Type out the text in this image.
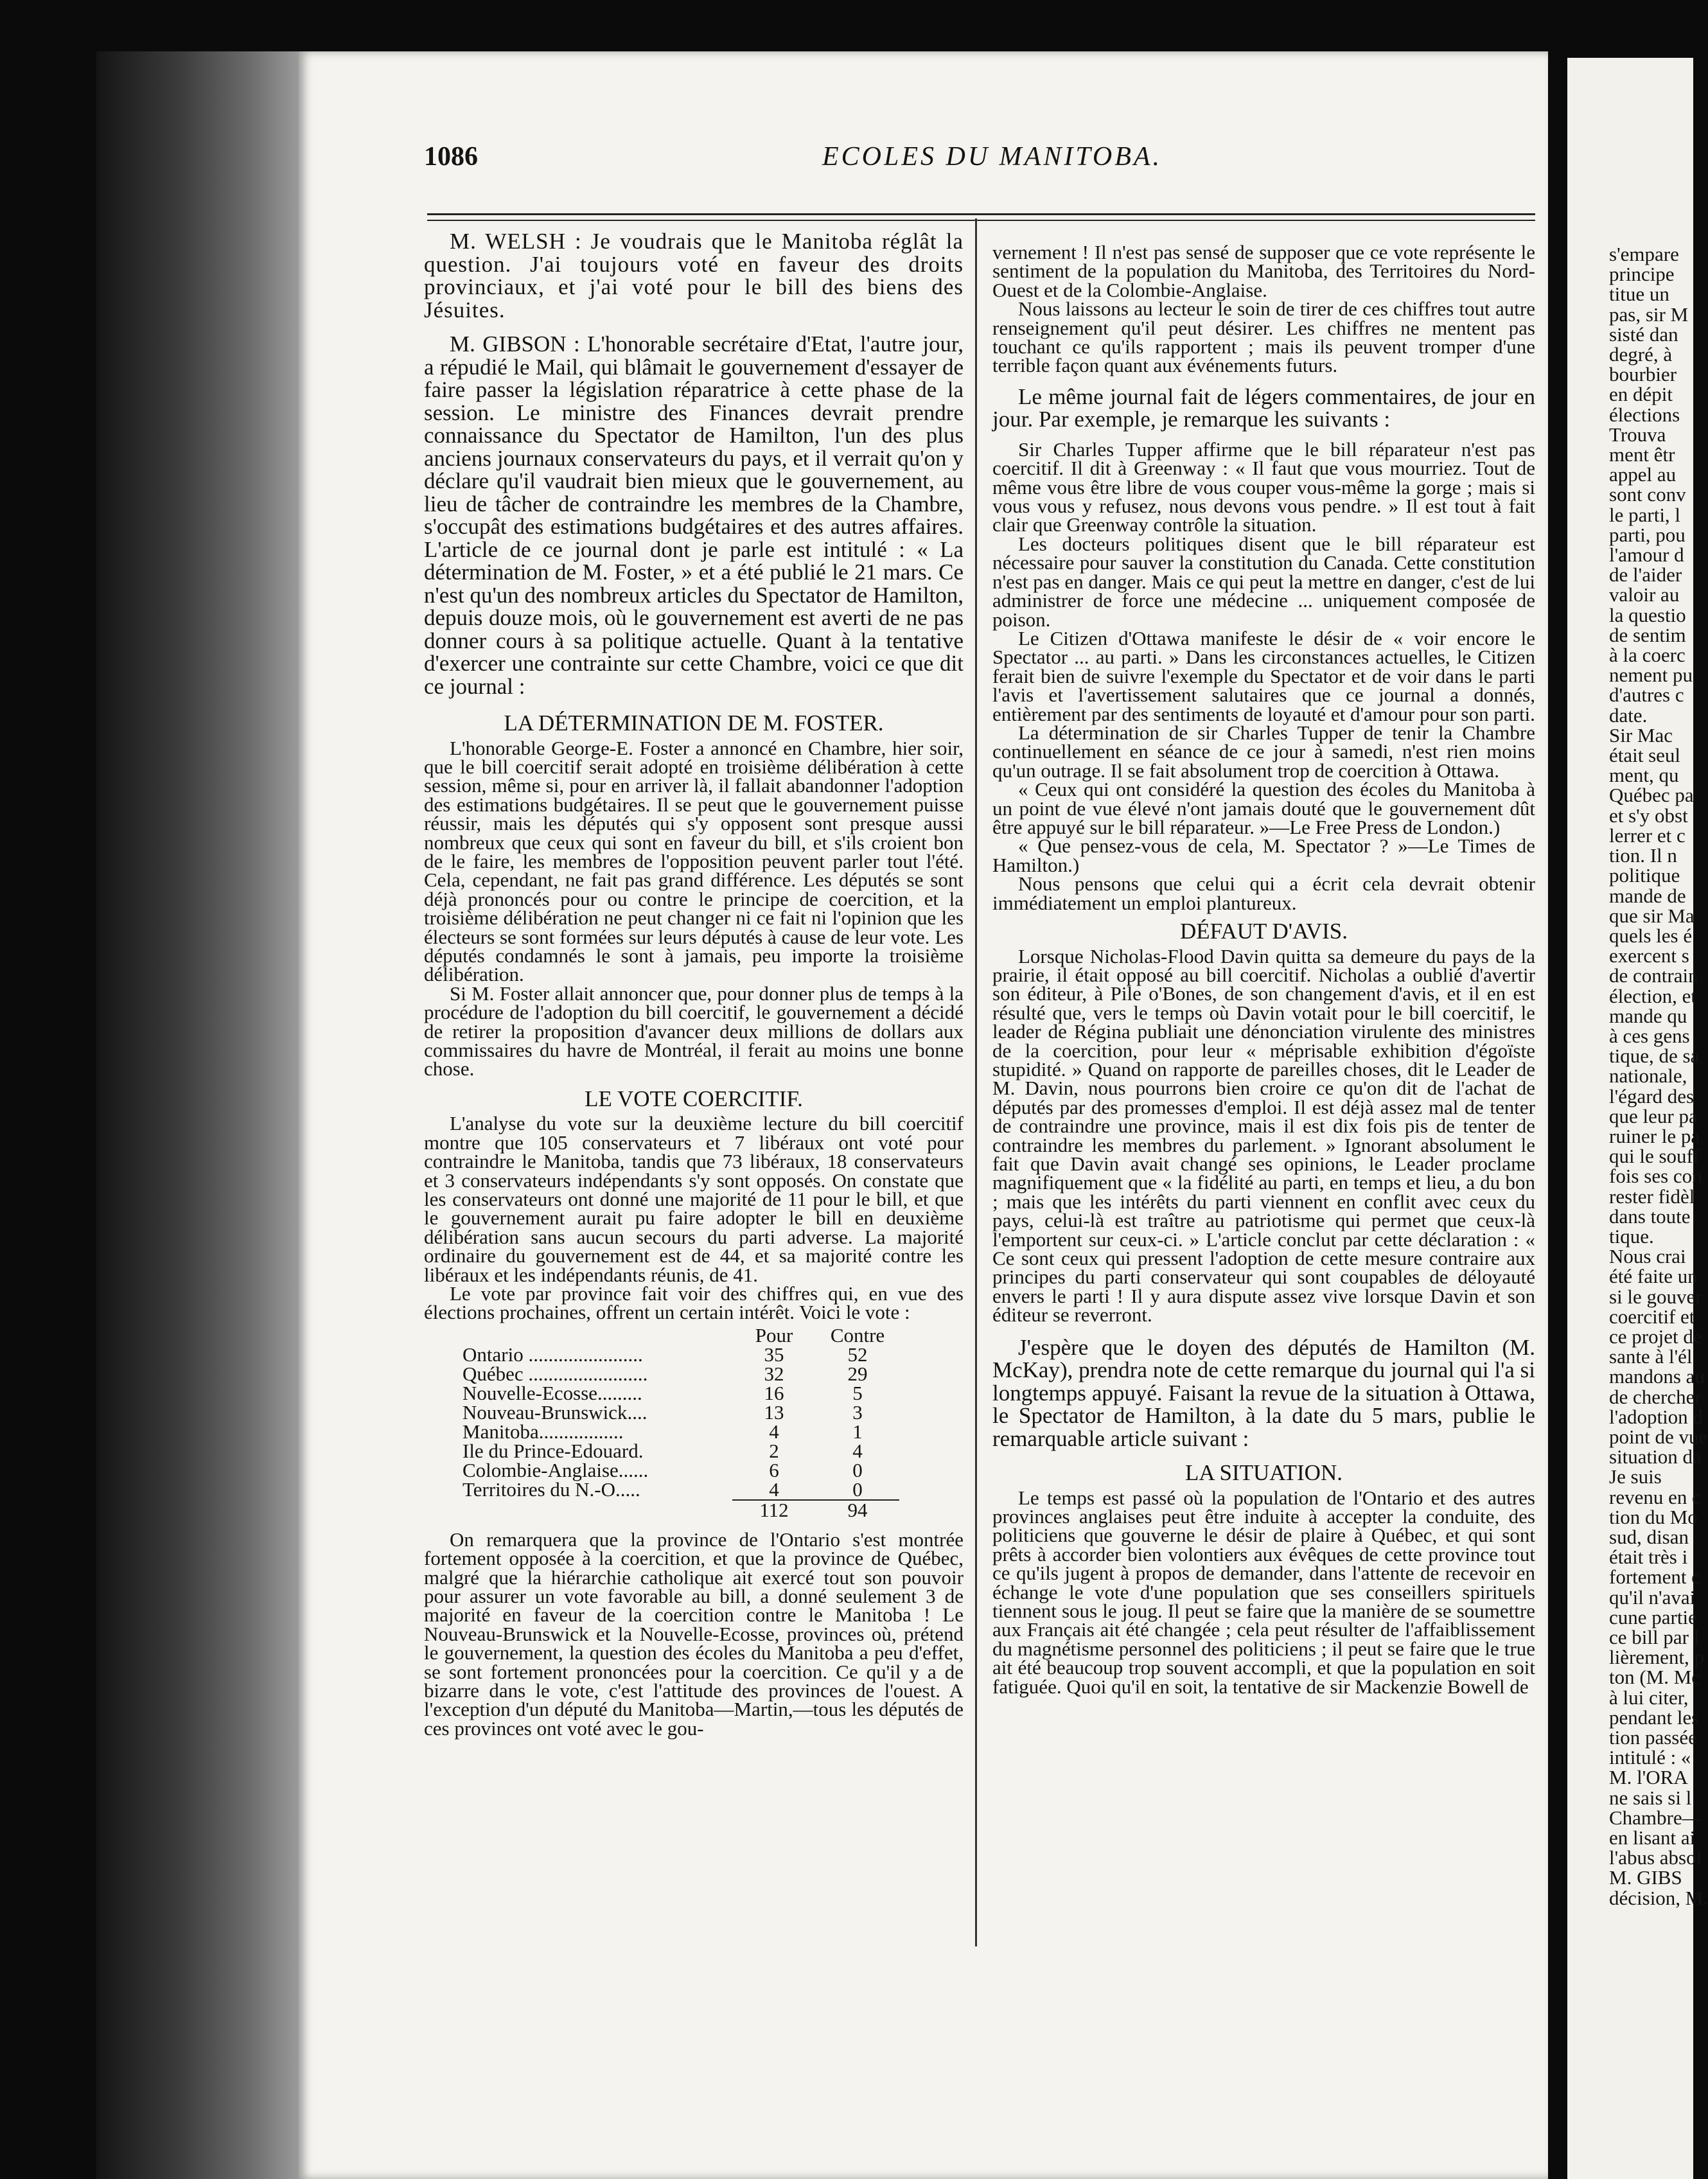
1086	ECOLES DU MANITOBA.

M. WELSH : Je voudrais que le Manitoba réglât la question. J'ai toujours voté en faveur des droits provinciaux, et j'ai voté pour le bill des biens des Jésuites.

M. GIBSON : L'honorable secrétaire d'Etat, l'autre jour, a répudié le Mail, qui blâmait le gouvernement d'essayer de faire passer la législation réparatrice à cette phase de la session. Le ministre des Finances devrait prendre connaissance du Spectator de Hamilton, l'un des plus anciens journaux conservateurs du pays, et il verrait qu'on y déclare qu'il vaudrait bien mieux que le gouvernement, au lieu de tâcher de contraindre les membres de la Chambre, s'occupât des estimations budgétaires et des autres affaires. L'article de ce journal dont je parle est intitulé : « La détermination de M. Foster, » et a été publié le 21 mars. Ce n'est qu'un des nombreux articles du Spectator de Hamilton, depuis douze mois, où le gouvernement est averti de ne pas donner cours à sa politique actuelle. Quant à la tentative d'exercer une contrainte sur cette Chambre, voici ce que dit ce journal :

LA DÉTERMINATION DE M. FOSTER.

L'honorable George-E. Foster a annoncé en Chambre, hier soir, que le bill coercitif serait adopté en troisième délibération à cette session, même si, pour en arriver là, il fallait abandonner l'adoption des estimations budgétaires. Il se peut que le gouvernement puisse réussir, mais les députés qui s'y opposent sont presque aussi nombreux que ceux qui sont en faveur du bill, et s'ils croient bon de le faire, les membres de l'opposition peuvent parler tout l'été. Cela, cependant, ne fait pas grand différence. Les députés se sont déjà prononcés pour ou contre le principe de coercition, et la troisième délibération ne peut changer ni ce fait ni l'opinion que les électeurs se sont formées sur leurs députés à cause de leur vote. Les députés condamnés le sont à jamais, peu importe la troisième délibération.

Si M. Foster allait annoncer que, pour donner plus de temps à la procédure de l'adoption du bill coercitif, le gouvernement a décidé de retirer la proposition d'avancer deux millions de dollars aux commissaires du havre de Montréal, il ferait au moins une bonne chose.

LE VOTE COERCITIF.

L'analyse du vote sur la deuxième lecture du bill coercitif montre que 105 conservateurs et 7 libéraux ont voté pour contraindre le Manitoba, tandis que 73 libéraux, 18 conservateurs et 3 conservateurs indépendants s'y sont opposés. On constate que les conservateurs ont donné une majorité de 11 pour le bill, et que le gouvernement aurait pu faire adopter le bill en deuxième délibération sans aucun secours du parti adverse. La majorité ordinaire du gouvernement est de 44, et sa majorité contre les libéraux et les indépendants réunis, de 41.

Le vote par province fait voir des chiffres qui, en vue des élections prochaines, offrent un certain intérêt. Voici le vote :

	Pour	Contre
Ontario .......................	35	52
Québec ........................	32	29
Nouvelle-Ecosse.........	16	5
Nouveau-Brunswick....	13	3
Manitoba.................	4	1
Ile du Prince-Edouard.	2	4
Colombie-Anglaise......	6	0
Territoires du N.-O.....	4	0
	112	94

On remarquera que la province de l'Ontario s'est montrée fortement opposée à la coercition, et que la province de Québec, malgré que la hiérarchie catholique ait exercé tout son pouvoir pour assurer un vote favorable au bill, a donné seulement 3 de majorité en faveur de la coercition contre le Manitoba ! Le Nouveau-Brunswick et la Nouvelle-Ecosse, provinces où, prétend le gouvernement, la question des écoles du Manitoba a peu d'effet, se sont fortement prononcées pour la coercition. Ce qu'il y a de bizarre dans le vote, c'est l'attitude des provinces de l'ouest. A l'exception d'un député du Manitoba—Martin,—tous les députés de ces provinces ont voté avec le gou-

vernement ! Il n'est pas sensé de supposer que ce vote représente le sentiment de la population du Manitoba, des Territoires du Nord-Ouest et de la Colombie-Anglaise.

Nous laissons au lecteur le soin de tirer de ces chiffres tout autre renseignement qu'il peut désirer. Les chiffres ne mentent pas touchant ce qu'ils rapportent ; mais ils peuvent tromper d'une terrible façon quant aux événements futurs.

Le même journal fait de légers commentaires, de jour en jour. Par exemple, je remarque les suivants :

Sir Charles Tupper affirme que le bill réparateur n'est pas coercitif. Il dit à Greenway : « Il faut que vous mourriez. Tout de même vous être libre de vous couper vous-même la gorge ; mais si vous vous y refusez, nous devons vous pendre. » Il est tout à fait clair que Greenway contrôle la situation.

Les docteurs politiques disent que le bill réparateur est nécessaire pour sauver la constitution du Canada. Cette constitution n'est pas en danger. Mais ce qui peut la mettre en danger, c'est de lui administrer de force une médecine ... uniquement composée de poison.

Le Citizen d'Ottawa manifeste le désir de « voir encore le Spectator ... au parti. » Dans les circonstances actuelles, le Citizen ferait bien de suivre l'exemple du Spectator et de voir dans le parti l'avis et l'avertissement salutaires que ce journal a donnés, entièrement par des sentiments de loyauté et d'amour pour son parti.

La détermination de sir Charles Tupper de tenir la Chambre continuellement en séance de ce jour à samedi, n'est rien moins qu'un outrage. Il se fait absolument trop de coercition à Ottawa.

« Ceux qui ont considéré la question des écoles du Manitoba à un point de vue élevé n'ont jamais douté que le gouvernement dût être appuyé sur le bill réparateur. »—Le Free Press de London.)

« Que pensez-vous de cela, M. Spectator ? »—Le Times de Hamilton.)

Nous pensons que celui qui a écrit cela devrait obtenir immédiatement un emploi plantureux.

DÉFAUT D'AVIS.

Lorsque Nicholas-Flood Davin quitta sa demeure du pays de la prairie, il était opposé au bill coercitif. Nicholas a oublié d'avertir son éditeur, à Pile o'Bones, de son changement d'avis, et il en est résulté que, vers le temps où Davin votait pour le bill coercitif, le leader de Régina publiait une dénonciation virulente des ministres de la coercition, pour leur « méprisable exhibition d'égoïste stupidité. » Quand on rapporte de pareilles choses, dit le Leader de M. Davin, nous pourrons bien croire ce qu'on dit de l'achat de députés par des promesses d'emploi. Il est déjà assez mal de tenter de contraindre une province, mais il est dix fois pis de tenter de contraindre les membres du parlement. » Ignorant absolument le fait que Davin avait changé ses opinions, le Leader proclame magnifiquement que « la fidélité au parti, en temps et lieu, a du bon ; mais que les intérêts du parti viennent en conflit avec ceux du pays, celui-là est traître au patriotisme qui permet que ceux-là l'emportent sur ceux-ci. » L'article conclut par cette déclaration : « Ce sont ceux qui pressent l'adoption de cette mesure contraire aux principes du parti conservateur qui sont coupables de déloyauté envers le parti ! Il y aura dispute assez vive lorsque Davin et son éditeur se reverront.

J'espère que le doyen des députés de Hamilton (M. McKay), prendra note de cette remarque du journal qui l'a si longtemps appuyé. Faisant la revue de la situation à Ottawa, le Spectator de Hamilton, à la date du 5 mars, publie le remarquable article suivant :

LA SITUATION.

Le temps est passé où la population de l'Ontario et des autres provinces anglaises peut être induite à accepter la conduite, des politiciens que gouverne le désir de plaire à Québec, et qui sont prêts à accorder bien volontiers aux évêques de cette province tout ce qu'ils jugent à propos de demander, dans l'attente de recevoir en échange le vote d'une population que ses conseillers spirituels tiennent sous le joug. Il peut se faire que la manière de se soumettre aux Français ait été changée ; cela peut résulter de l'affaiblissement du magnétisme personnel des politiciens ; il peut se faire que le true ait été beaucoup trop souvent accompli, et que la population en soit fatiguée. Quoi qu'il en soit, la tentative de sir Mackenzie Bowell de

s'empare
principe
titue un
pas, sir M
sisté dan
degré, à
bourbier
en dépit
élections
Trouva
ment êtr
appel au
sont conv
le parti, l
parti, pou
l'amour d
de l'aider
valoir au
la questio
de sentim
à la coerc
nement pu
d'autres c
date.
Sir Mac
était seul
ment, qu
Québec pa
et s'y obst
lerrer et c
tion. Il n
politique
mande de
que sir Ma
quels les é
exercent s
de contrain
élection, et
mande qu
à ces gens
tique, de sa
nationale,
l'égard des
que leur pa
ruiner le pa
qui le souff
fois ses con
rester fidèl
dans toute
tique.
Nous crai
été faite un
si le gouver
coercitif et
ce projet de
sante à l'él
mandons au
de chercher
l'adoption d
point de vue
situation da
Je suis
revenu en c
tion du Mo
sud, disan
était très i
fortement c
qu'il n'avai
cune partie
ce bill par l
lièrement, p
ton (M. Mc
à lui citer,
pendant les
tion passée
intitulé : «
M. l'ORA
ne sais si l
Chambre—
en lisant ai
l'abus absol
M. GIBS
décision, M.
